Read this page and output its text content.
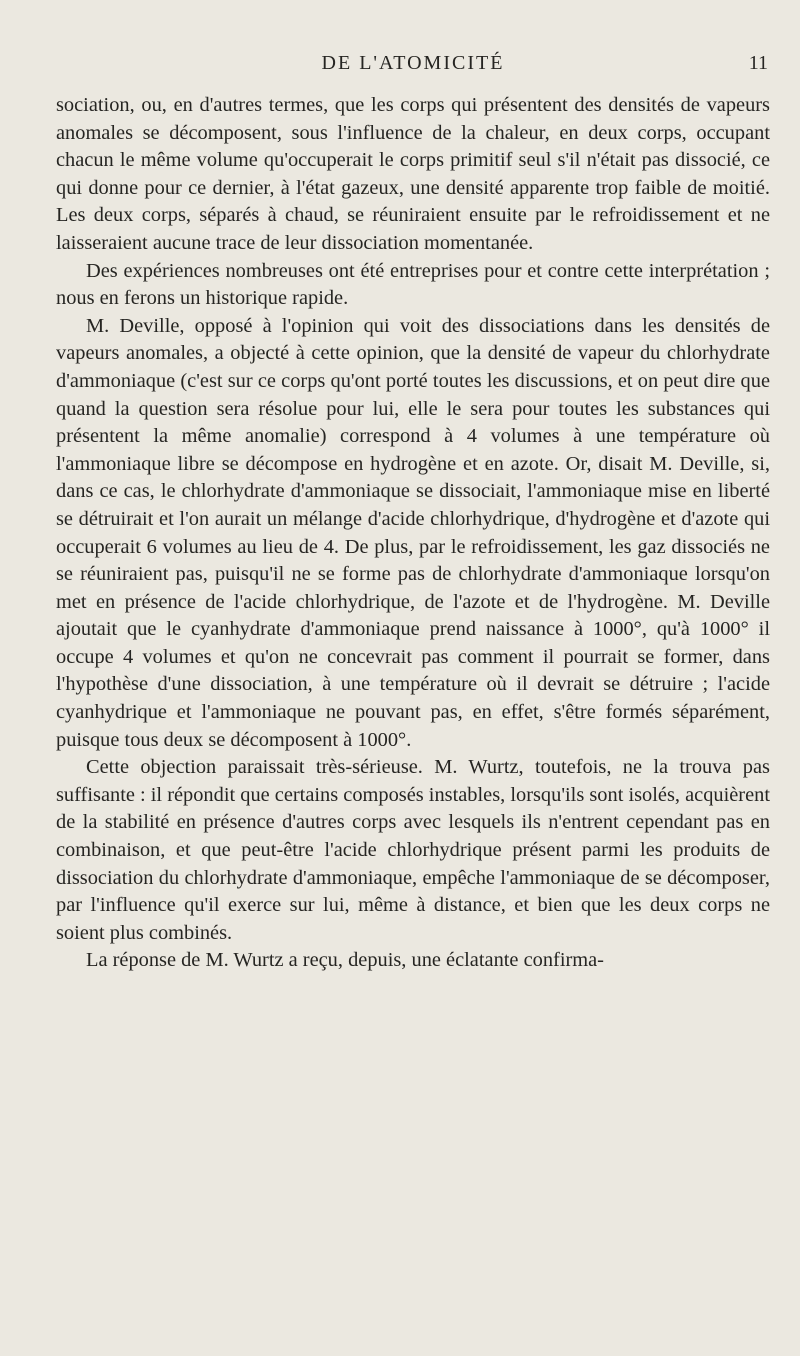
DE L'ATOMICITÉ	11

sociation, ou, en d'autres termes, que les corps qui présentent des densités de vapeurs anomales se décomposent, sous l'influence de la chaleur, en deux corps, occupant chacun le même volume qu'occuperait le corps primitif seul s'il n'était pas dissocié, ce qui donne pour ce dernier, à l'état gazeux, une densité apparente trop faible de moitié. Les deux corps, séparés à chaud, se réuniraient ensuite par le refroidissement et ne laisseraient aucune trace de leur dissociation momentanée.

Des expériences nombreuses ont été entreprises pour et contre cette interprétation ; nous en ferons un historique rapide.

M. Deville, opposé à l'opinion qui voit des dissociations dans les densités de vapeurs anomales, a objecté à cette opinion, que la densité de vapeur du chlorhydrate d'ammoniaque (c'est sur ce corps qu'ont porté toutes les discussions, et on peut dire que quand la question sera résolue pour lui, elle le sera pour toutes les substances qui présentent la même anomalie) correspond à 4 volumes à une température où l'ammoniaque libre se décompose en hydrogène et en azote. Or, disait M. Deville, si, dans ce cas, le chlorhydrate d'ammoniaque se dissociait, l'ammoniaque mise en liberté se détruirait et l'on aurait un mélange d'acide chlorhydrique, d'hydrogène et d'azote qui occuperait 6 volumes au lieu de 4. De plus, par le refroidissement, les gaz dissociés ne se réuniraient pas, puisqu'il ne se forme pas de chlorhydrate d'ammoniaque lorsqu'on met en présence de l'acide chlorhydrique, de l'azote et de l'hydrogène. M. Deville ajoutait que le cyanhydrate d'ammoniaque prend naissance à 1000°, qu'à 1000° il occupe 4 volumes et qu'on ne concevrait pas comment il pourrait se former, dans l'hypothèse d'une dissociation, à une température où il devrait se détruire ; l'acide cyanhydrique et l'ammoniaque ne pouvant pas, en effet, s'être formés séparément, puisque tous deux se décomposent à 1000°.

Cette objection paraissait très-sérieuse. M. Wurtz, toutefois, ne la trouva pas suffisante : il répondit que certains composés instables, lorsqu'ils sont isolés, acquièrent de la stabilité en présence d'autres corps avec lesquels ils n'entrent cependant pas en combinaison, et que peut-être l'acide chlorhydrique présent parmi les produits de dissociation du chlorhydrate d'ammoniaque, empêche l'ammoniaque de se décomposer, par l'influence qu'il exerce sur lui, même à distance, et bien que les deux corps ne soient plus combinés.

La réponse de M. Wurtz a reçu, depuis, une éclatante confirma-
